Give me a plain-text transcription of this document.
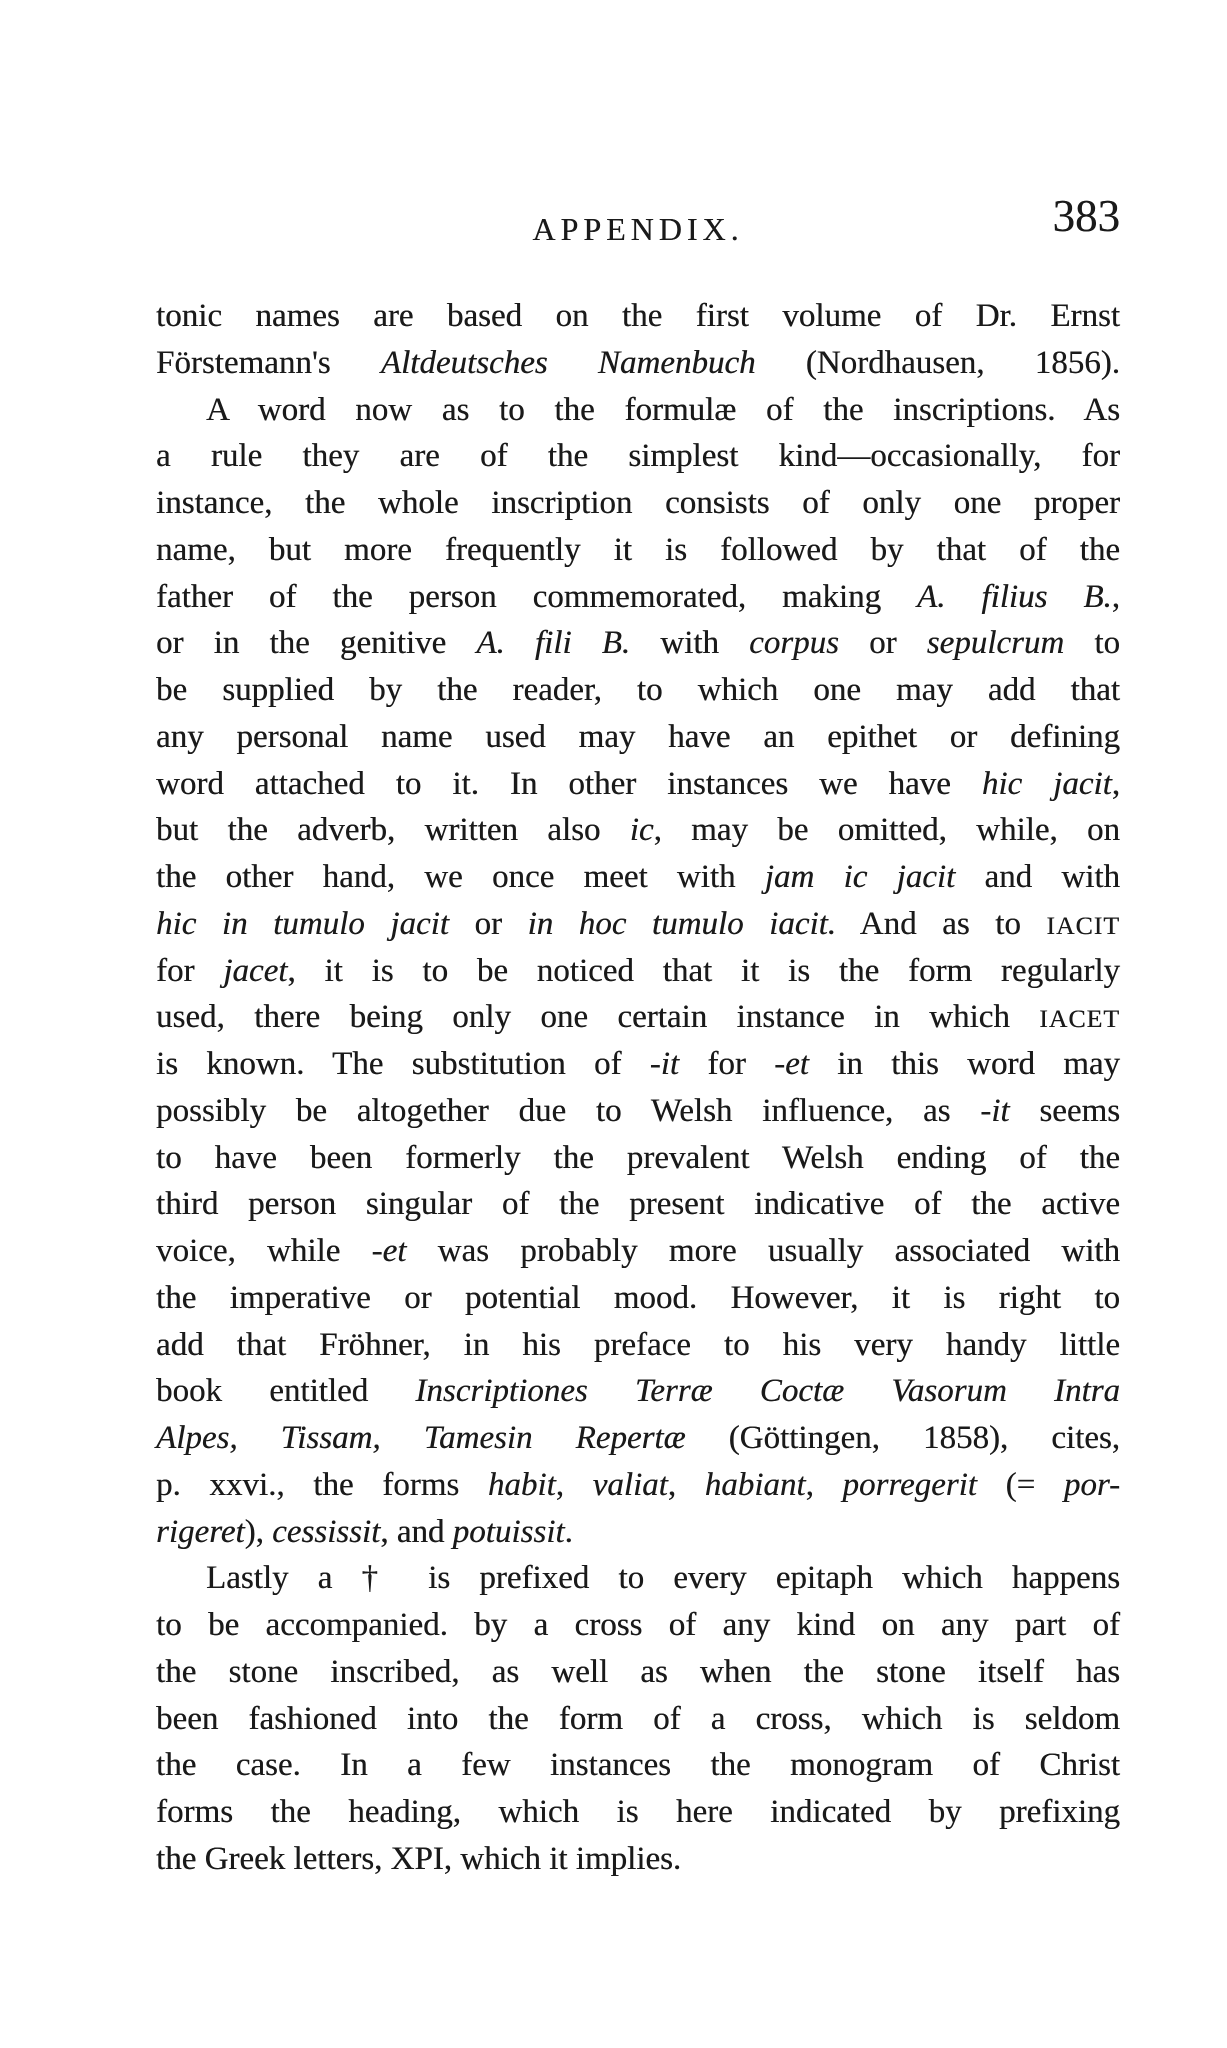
APPENDIX.	383
tonic names are based on the first volume of Dr. Ernst
Förstemann's Altdeutsches Namenbuch (Nordhausen, 1856).
A word now as to the formulæ of the inscriptions. As
a rule they are of the simplest kind—occasionally, for
instance, the whole inscription consists of only one proper
name, but more frequently it is followed by that of the
father of the person commemorated, making A. filius B.,
or in the genitive A. fili B. with corpus or sepulcrum to
be supplied by the reader, to which one may add that
any personal name used may have an epithet or defining
word attached to it. In other instances we have hic jacit,
but the adverb, written also ic, may be omitted, while, on
the other hand, we once meet with jam ic jacit and with
hic in tumulo jacit or in hoc tumulo iacit. And as to IACIT
for jacet, it is to be noticed that it is the form regularly
used, there being only one certain instance in which IACET
is known. The substitution of -it for -et in this word may
possibly be altogether due to Welsh influence, as -it seems
to have been formerly the prevalent Welsh ending of the
third person singular of the present indicative of the active
voice, while -et was probably more usually associated with
the imperative or potential mood. However, it is right to
add that Fröhner, in his preface to his very handy little
book entitled Inscriptiones Terræ Coctæ Vasorum Intra
Alpes, Tissam, Tamesin Repertæ (Göttingen, 1858), cites,
p. xxvi., the forms habit, valiat, habiant, porregerit (= por-
rigeret), cessissit, and potuissit.
Lastly a † is prefixed to every epitaph which happens
to be accompanied. by a cross of any kind on any part of
the stone inscribed, as well as when the stone itself has
been fashioned into the form of a cross, which is seldom
the case. In a few instances the monogram of Christ
forms the heading, which is here indicated by prefixing
the Greek letters, XPI, which it implies.
